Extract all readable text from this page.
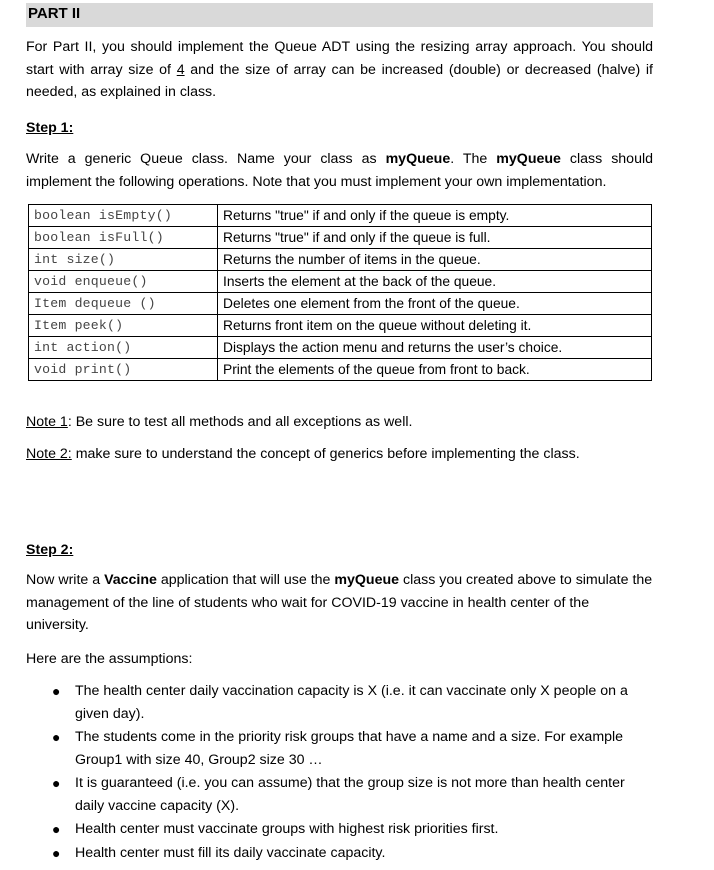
PART II
For Part II, you should implement the Queue ADT using the resizing array approach. You should start with array size of 4 and the size of array can be increased (double) or decreased (halve) if needed, as explained in class.
Step 1:
Write a generic Queue class. Name your class as myQueue. The myQueue class should implement the following operations. Note that you must implement your own implementation.
boolean isEmpty()	Returns "true" if and only if the queue is empty.
boolean isFull()	Returns "true" if and only if the queue is full.
int size()	Returns the number of items in the queue.
void enqueue()	Inserts the element at the back of the queue.
Item dequeue ()	Deletes one element from the front of the queue.
Item peek()	Returns front item on the queue without deleting it.
int action()	Displays the action menu and returns the user’s choice.
void print()	Print the elements of the queue from front to back.
Note 1: Be sure to test all methods and all exceptions as well.
Note 2: make sure to understand the concept of generics before implementing the class.
Step 2:
Now write a Vaccine application that will use the myQueue class you created above to simulate the management of the line of students who wait for COVID-19 vaccine in health center of the university.
Here are the assumptions:
● The health center daily vaccination capacity is X (i.e. it can vaccinate only X people on a given day).
● The students come in the priority risk groups that have a name and a size. For example Group1 with size 40, Group2 size 30 …
● It is guaranteed (i.e. you can assume) that the group size is not more than health center daily vaccine capacity (X).
● Health center must vaccinate groups with highest risk priorities first.
● Health center must fill its daily vaccinate capacity.
